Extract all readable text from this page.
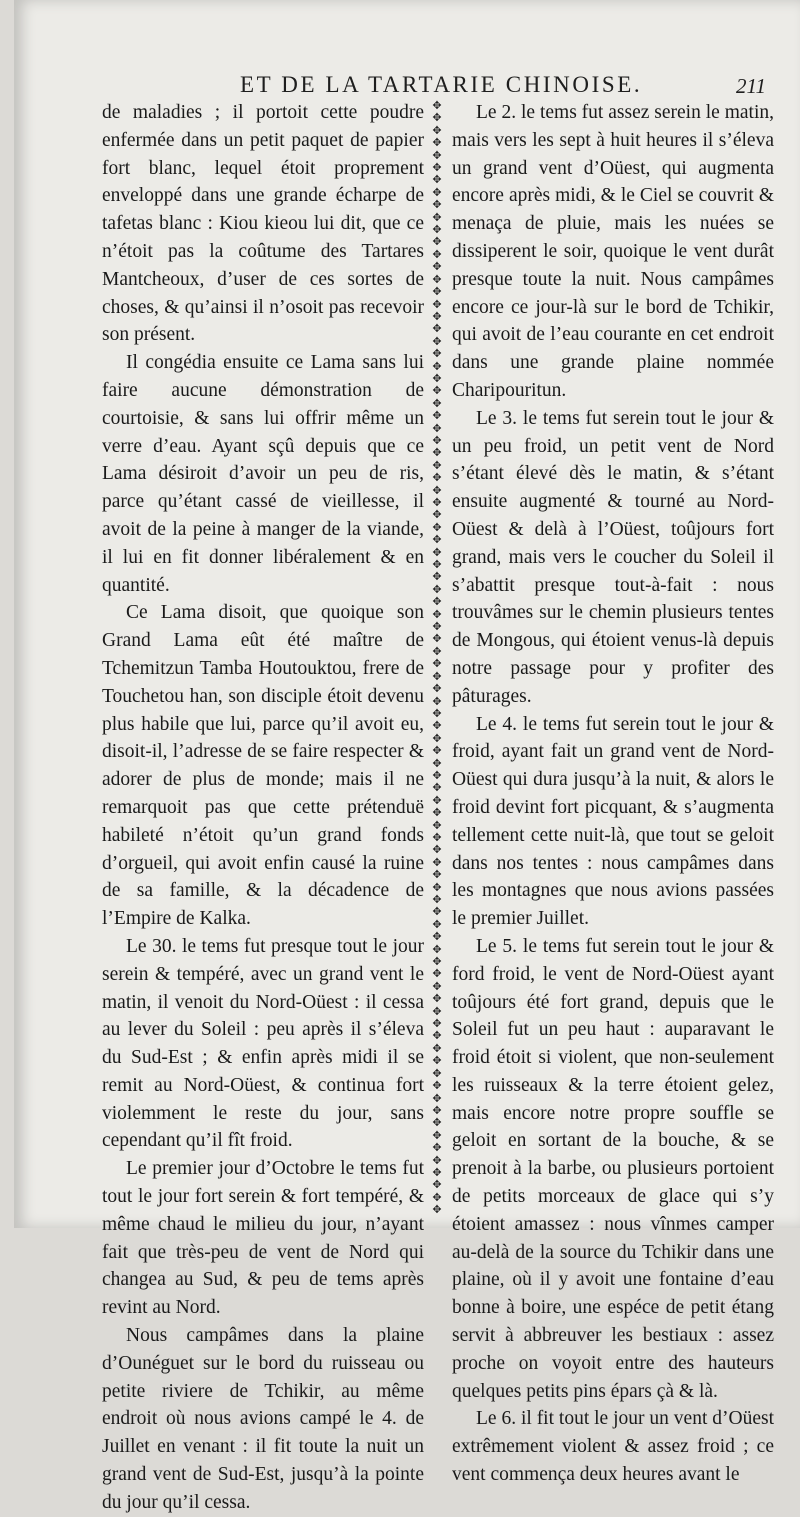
ET DE LA TARTARIE CHINOISE.	211

de maladies ; il portoit cette poudre enfermée dans un petit paquet de papier fort blanc, lequel étoit proprement enveloppé dans une grande écharpe de tafetas blanc : Kiou kieou lui dit, que ce n’étoit pas la coûtume des Tartares Mantcheoux, d’user de ces sortes de choses, & qu’ainsi il n’osoit pas recevoir son présent.

Il congédia ensuite ce Lama sans lui faire aucune démonstration de courtoisie, & sans lui offrir même un verre d’eau. Ayant sçû depuis que ce Lama désiroit d’avoir un peu de ris, parce qu’étant cassé de vieillesse, il avoit de la peine à manger de la viande, il lui en fit donner libéralement & en quantité.

Ce Lama disoit, que quoique son Grand Lama eût été maître de Tchemitzun Tamba Houtouktou, frere de Touchetou han, son disciple étoit devenu plus habile que lui, parce qu’il avoit eu, disoit-il, l’adresse de se faire respecter & adorer de plus de monde; mais il ne remarquoit pas que cette prétenduë habileté n’étoit qu’un grand fonds d’orgueil, qui avoit enfin causé la ruine de sa famille, & la décadence de l’Empire de Kalka.

Le 30. le tems fut presque tout le jour serein & tempéré, avec un grand vent le matin, il venoit du Nord-Oüest : il cessa au lever du Soleil : peu après il s’éleva du Sud-Est ; & enfin après midi il se remit au Nord-Oüest, & continua fort violemment le reste du jour, sans cependant qu’il fît froid.

Le premier jour d’Octobre le tems fut tout le jour fort serein & fort tempéré, & même chaud le milieu du jour, n’ayant fait que très-peu de vent de Nord qui changea au Sud, & peu de tems après revint au Nord.

Nous campâmes dans la plaine d’Ounéguet sur le bord du ruisseau ou petite riviere de Tchikir, au même endroit où nous avions campé le 4. de Juillet en venant : il fit toute la nuit un grand vent de Sud-Est, jusqu’à la pointe du jour qu’il cessa.

✥
✥
✥
✥
✥
✥
✥
✥
✥
✥
✥
✥
✥
✥
✥
✥
✥
✥
✥
✥
✥
✥
✥
✥
✥
✥
✥
✥
✥
✥
✥
✥
✥
✥
✥
✥
✥
✥
✥
✥
✥
✥
✥
✥
✥
✥
✥
✥
✥
✥
✥
✥
✥
✥
✥
✥
✥
✥
✥
✥
✥
✥
✥
✥
✥
✥
✥
✥
✥
✥
✥
✥
✥
✥
✥
✥
✥
✥
✥
✥
✥
✥
✥
✥
✥
✥
✥
✥
✥
✥

Le 2. le tems fut assez serein le matin, mais vers les sept à huit heures il s’éleva un grand vent d’Oüest, qui augmenta encore après midi, & le Ciel se couvrit & menaça de pluie, mais les nuées se dissiperent le soir, quoique le vent durât presque toute la nuit. Nous campâmes encore ce jour-là sur le bord de Tchikir, qui avoit de l’eau courante en cet endroit dans une grande plaine nommée Charipouritun.

Le 3. le tems fut serein tout le jour & un peu froid, un petit vent de Nord s’étant élevé dès le matin, & s’étant ensuite augmenté & tourné au Nord-Oüest & delà à l’Oüest, toûjours fort grand, mais vers le coucher du Soleil il s’abattit presque tout-à-fait : nous trouvâmes sur le chemin plusieurs tentes de Mongous, qui étoient venus-là depuis notre passage pour y profiter des pâturages.

Le 4. le tems fut serein tout le jour & froid, ayant fait un grand vent de Nord-Oüest qui dura jusqu’à la nuit, & alors le froid devint fort picquant, & s’augmenta tellement cette nuit-là, que tout se geloit dans nos tentes : nous campâmes dans les montagnes que nous avions passées le premier Juillet.

Le 5. le tems fut serein tout le jour & ford froid, le vent de Nord-Oüest ayant toûjours été fort grand, depuis que le Soleil fut un peu haut : auparavant le froid étoit si violent, que non-seulement les ruisseaux & la terre étoient gelez, mais encore notre propre souffle se geloit en sortant de la bouche, & se prenoit à la barbe, ou plusieurs portoient de petits morceaux de glace qui s’y étoient amassez : nous vînmes camper au-delà de la source du Tchikir dans une plaine, où il y avoit une fontaine d’eau bonne à boire, une espéce de petit étang servit à abbreuver les bestiaux : assez proche on voyoit entre des hauteurs quelques petits pins épars çà & là.

Le 6. il fit tout le jour un vent d’Oüest extrêmement violent & assez froid ; ce vent commença deux heures avant le
